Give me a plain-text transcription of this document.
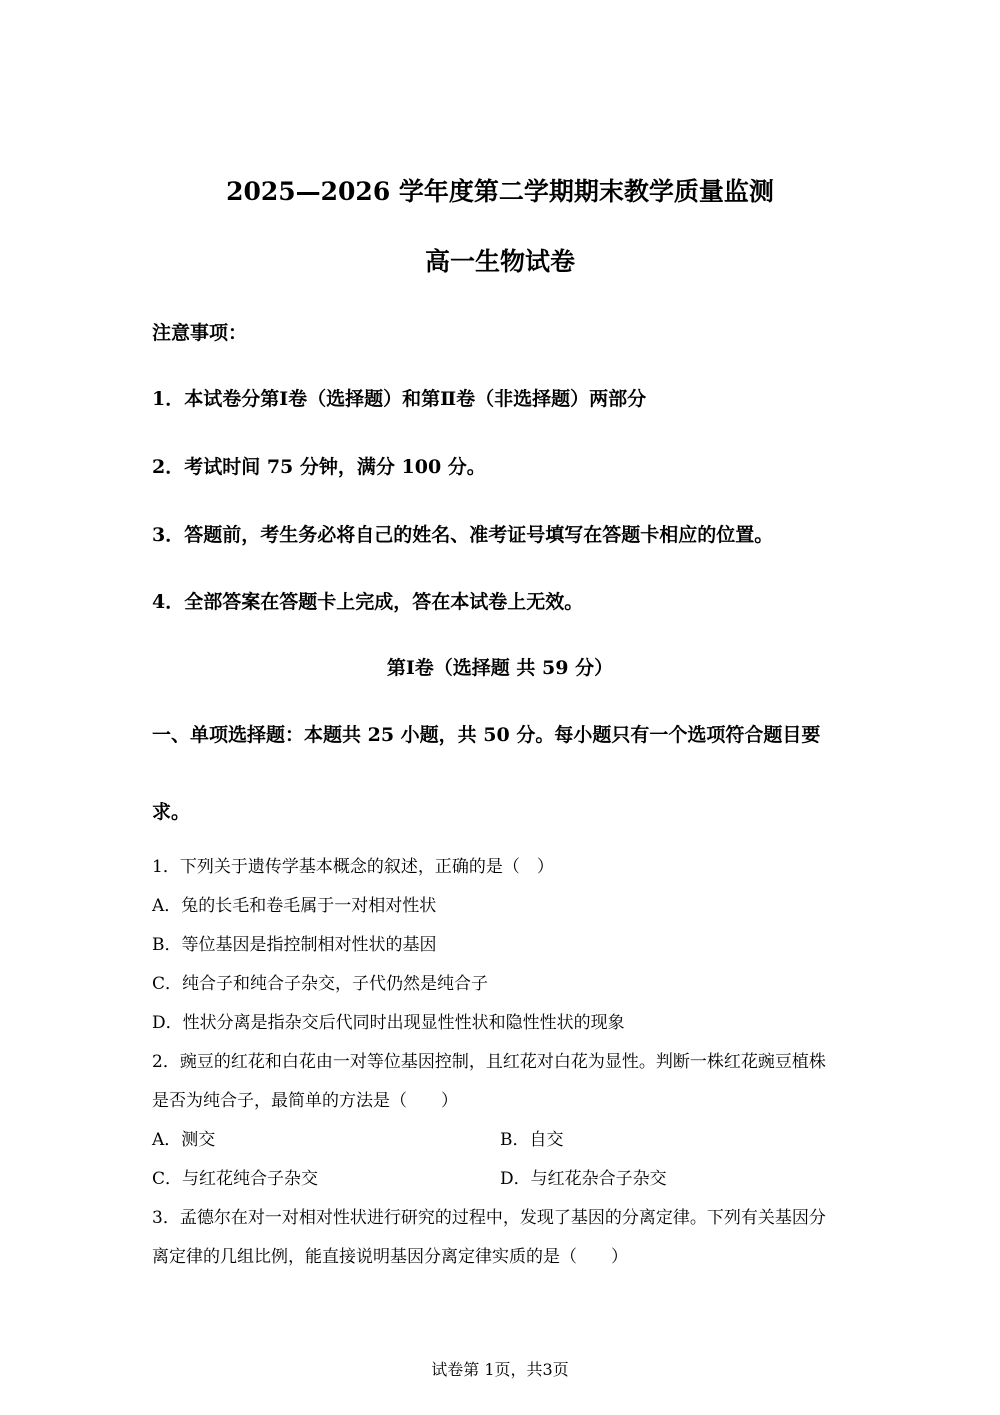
2025—2026 学年度第二学期期末教学质量监测
高一生物试卷
注意事项：
1．本试卷分第Ⅰ卷（选择题）和第Ⅱ卷（非选择题）两部分
2．考试时间 75 分钟，满分 100 分。
3．答题前，考生务必将自己的姓名、准考证号填写在答题卡相应的位置。
4．全部答案在答题卡上完成，答在本试卷上无效。
第Ⅰ卷（选择题 共 59 分）
一、单项选择题：本题共 25 小题，共 50 分。每小题只有一个选项符合题目要
求。
1．下列关于遗传学基本概念的叙述，正确的是（　）
A．兔的长毛和卷毛属于一对相对性状
B．等位基因是指控制相对性状的基因
C．纯合子和纯合子杂交，子代仍然是纯合子
D．性状分离是指杂交后代同时出现显性性状和隐性性状的现象
2．豌豆的红花和白花由一对等位基因控制，且红花对白花为显性。判断一株红花豌豆植株
是否为纯合子，最简单的方法是（　　）
A．测交	B．自交
C．与红花纯合子杂交	D．与红花杂合子杂交
3．孟德尔在对一对相对性状进行研究的过程中，发现了基因的分离定律。下列有关基因分
离定律的几组比例，能直接说明基因分离定律实质的是（　　）
试卷第 1页，共3页
